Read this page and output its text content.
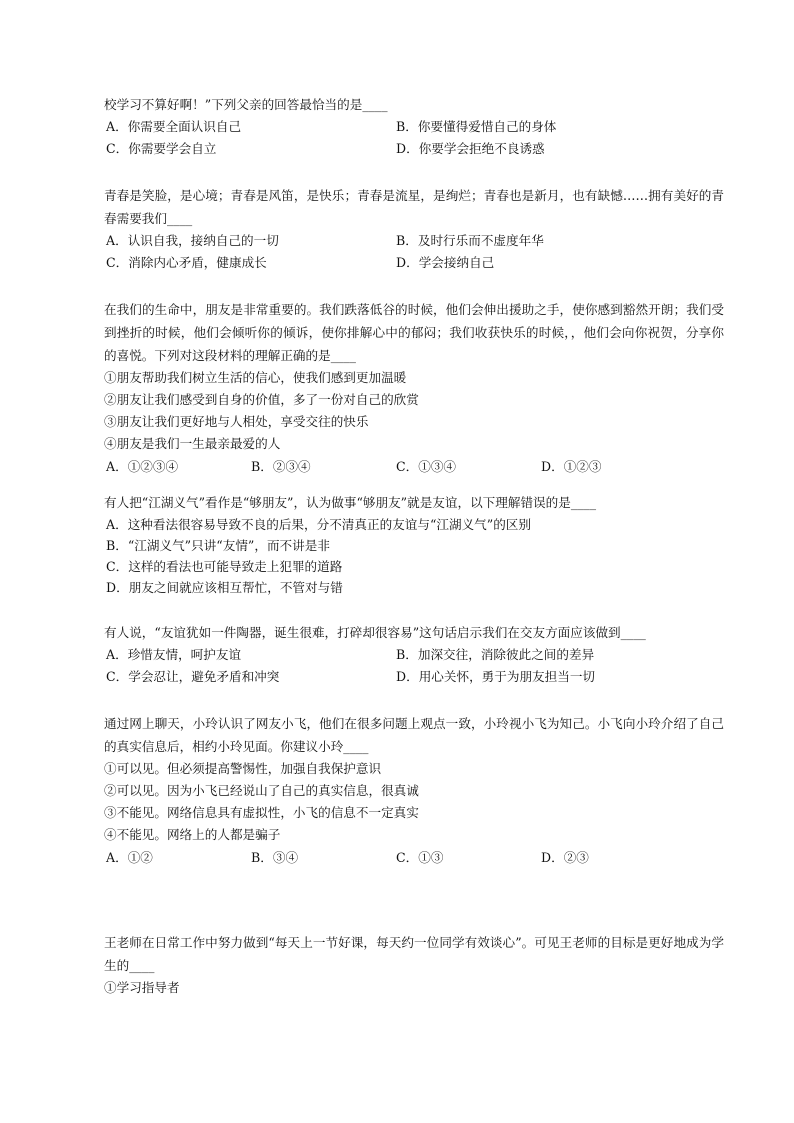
校学习不算好啊！”下列父亲的回答最恰当的是____
A．你需要全面认识自己	B．你要懂得爱惜自己的身体
C．你需要学会自立	D．你要学会拒绝不良诱惑
青春是笑脸，是心境；青春是风笛，是快乐；青春是流星，是绚烂；青春也是新月，也有缺憾……拥有美好的青春需要我们____
A．认识自我，接纳自己的一切	B．及时行乐而不虚度年华
C．消除内心矛盾，健康成长	D．学会接纳自己
在我们的生命中，朋友是非常重要的。我们跌落低谷的时候，他们会伸出援助之手，使你感到豁然开朗；我们受到挫折的时候，他们会倾听你的倾诉，使你排解心中的郁闷；我们收获快乐的时候，，他们会向你祝贺，分享你的喜悦。下列对这段材料的理解正确的是____
①朋友帮助我们树立生活的信心，使我们感到更加温暖
②朋友让我们感受到自身的价值，多了一份对自己的欣赏
③朋友让我们更好地与人相处，享受交往的快乐
④朋友是我们一生最亲最爱的人
A．①②③④	B．②③④	C．①③④	D．①②③
有人把“江湖义气”看作是“够朋友”，认为做事“够朋友”就是友谊，以下理解错误的是____
A．这种看法很容易导致不良的后果，分不清真正的友谊与“江湖义气”的区别
B．“江湖义气”只讲“友情”，而不讲是非
C．这样的看法也可能导致走上犯罪的道路
D．朋友之间就应该相互帮忙，不管对与错
有人说，“友谊犹如一件陶器，诞生很难，打碎却很容易”这句话启示我们在交友方面应该做到____
A．珍惜友情，呵护友谊	B．加深交往，消除彼此之间的差异
C．学会忍让，避免矛盾和冲突	D．用心关怀，勇于为朋友担当一切
通过网上聊天，小玲认识了网友小飞，他们在很多问题上观点一致，小玲视小飞为知己。小飞向小玲介绍了自己的真实信息后，相约小玲见面。你建议小玲____
①可以见。但必须提高警惕性，加强自我保护意识
②可以见。因为小飞已经说山了自己的真实信息，很真诚
③不能见。网络信息具有虚拟性，小飞的信息不一定真实
④不能见。网络上的人都是骗子
A．①②	B．③④	C．①③	D．②③
王老师在日常工作中努力做到“每天上一节好课，每天约一位同学有效谈心”。可见王老师的目标是更好地成为学生的____
①学习指导者
